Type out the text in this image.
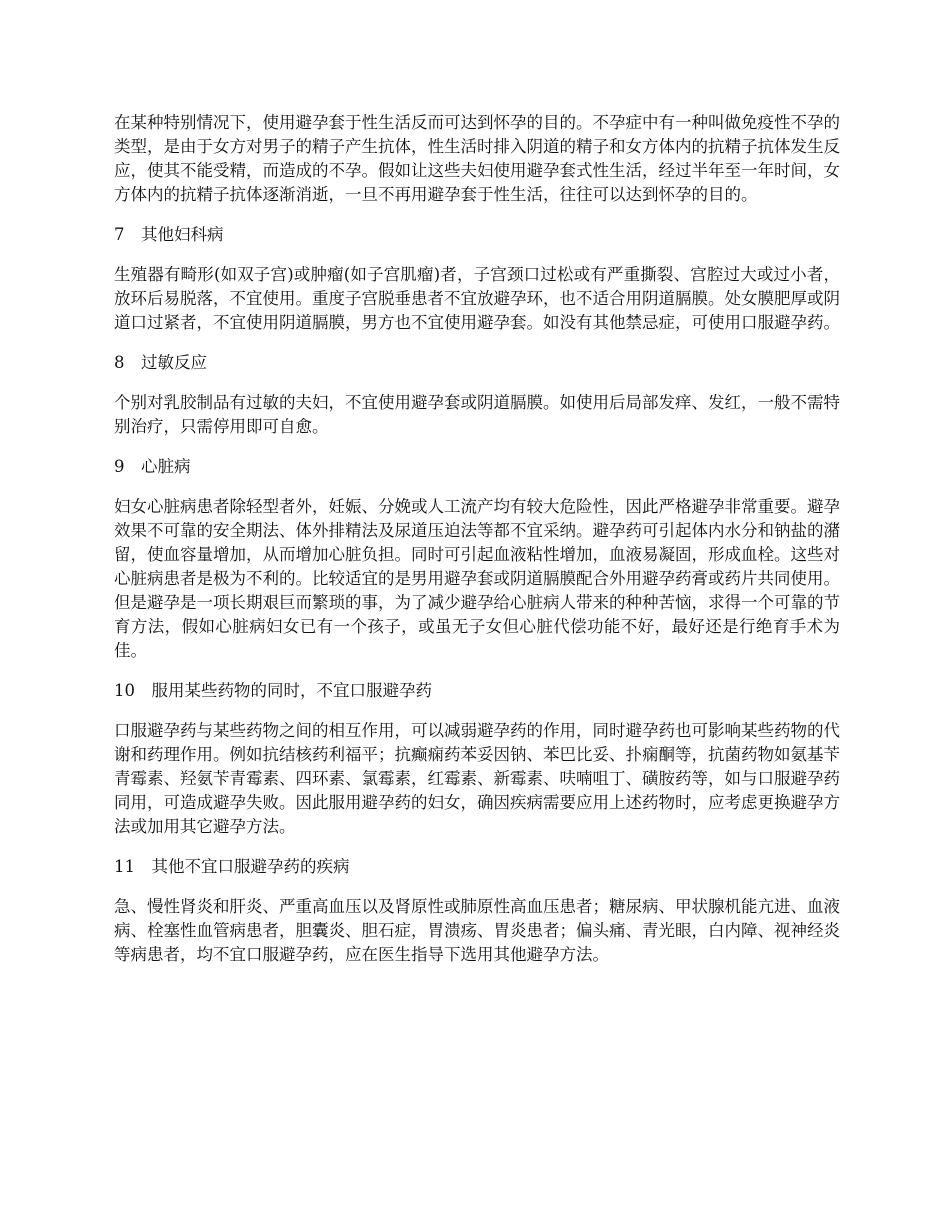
在某种特别情况下，使用避孕套于性生活反而可达到怀孕的目的。不孕症中有一种叫做免疫性不孕的类型，是由于女方对男子的精子产生抗体，性生活时排入阴道的精子和女方体内的抗精子抗体发生反应，使其不能受精，而造成的不孕。假如让这些夫妇使用避孕套式性生活，经过半年至一年时间，女方体内的抗精子抗体逐渐消逝，一旦不再用避孕套于性生活，往往可以达到怀孕的目的。

7　其他妇科病

生殖器有畸形(如双子宫)或肿瘤(如子宫肌瘤)者，子宫颈口过松或有严重撕裂、宫腔过大或过小者，放环后易脱落，不宜使用。重度子宫脱垂患者不宜放避孕环，也不适合用阴道膈膜。处女膜肥厚或阴道口过紧者，不宜使用阴道膈膜，男方也不宜使用避孕套。如没有其他禁忌症，可使用口服避孕药。

8　过敏反应

个别对乳胶制品有过敏的夫妇，不宜使用避孕套或阴道膈膜。如使用后局部发痒、发红，一般不需特别治疗，只需停用即可自愈。

9　心脏病

妇女心脏病患者除轻型者外，妊娠、分娩或人工流产均有较大危险性，因此严格避孕非常重要。避孕效果不可靠的安全期法、体外排精法及尿道压迫法等都不宜采纳。避孕药可引起体内水分和钠盐的潴留，使血容量增加，从而增加心脏负担。同时可引起血液粘性增加，血液易凝固，形成血栓。这些对心脏病患者是极为不利的。比较适宜的是男用避孕套或阴道膈膜配合外用避孕药膏或药片共同使用。但是避孕是一项长期艰巨而繁琐的事，为了减少避孕给心脏病人带来的种种苦恼，求得一个可靠的节育方法，假如心脏病妇女已有一个孩子，或虽无子女但心脏代偿功能不好，最好还是行绝育手术为佳。

10　服用某些药物的同时，不宜口服避孕药

口服避孕药与某些药物之间的相互作用，可以减弱避孕药的作用，同时避孕药也可影响某些药物的代谢和药理作用。例如抗结核药利福平；抗癫痫药苯妥因钠、苯巴比妥、扑痫酮等，抗菌药物如氨基苄青霉素、羟氨苄青霉素、四环素、氯霉素，红霉素、新霉素、呋喃咀丁、磺胺药等，如与口服避孕药同用，可造成避孕失败。因此服用避孕药的妇女，确因疾病需要应用上述药物时，应考虑更换避孕方法或加用其它避孕方法。

11　其他不宜口服避孕药的疾病

急、慢性肾炎和肝炎、严重高血压以及肾原性或肺原性高血压患者；糖尿病、甲状腺机能亢进、血液病、栓塞性血管病患者，胆囊炎、胆石症，胃溃疡、胃炎患者；偏头痛、青光眼，白内障、视神经炎等病患者，均不宜口服避孕药，应在医生指导下选用其他避孕方法。
